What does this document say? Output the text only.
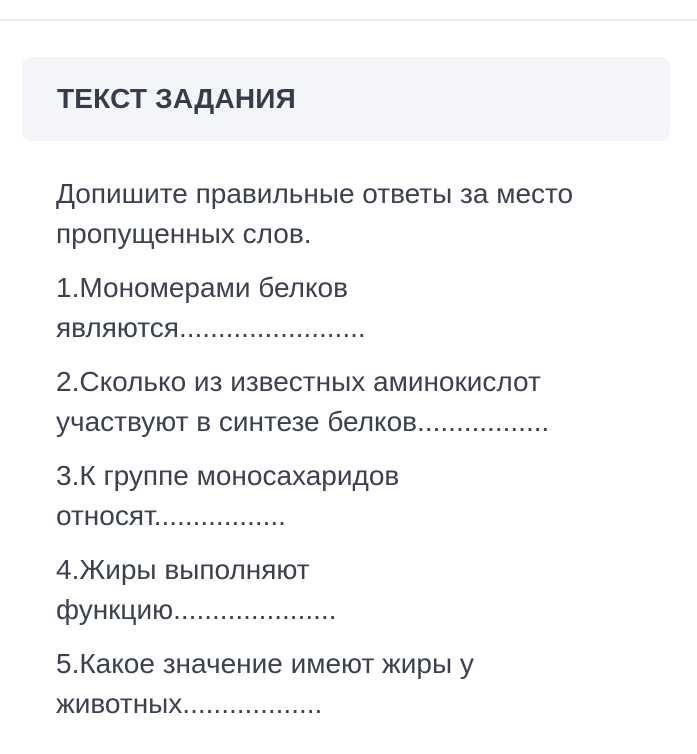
ТЕКСТ ЗАДАНИЯ

Допишите правильные ответы за место
пропущенных слов.

1.Мономерами белков
являются........................

2.Сколько из известных аминокислот
участвуют в синтезе белков.................

3.К группе моносахаридов
относят.................

4.Жиры выполняют
функцию.....................

5.Какое значение имеют жиры у
животных..................
